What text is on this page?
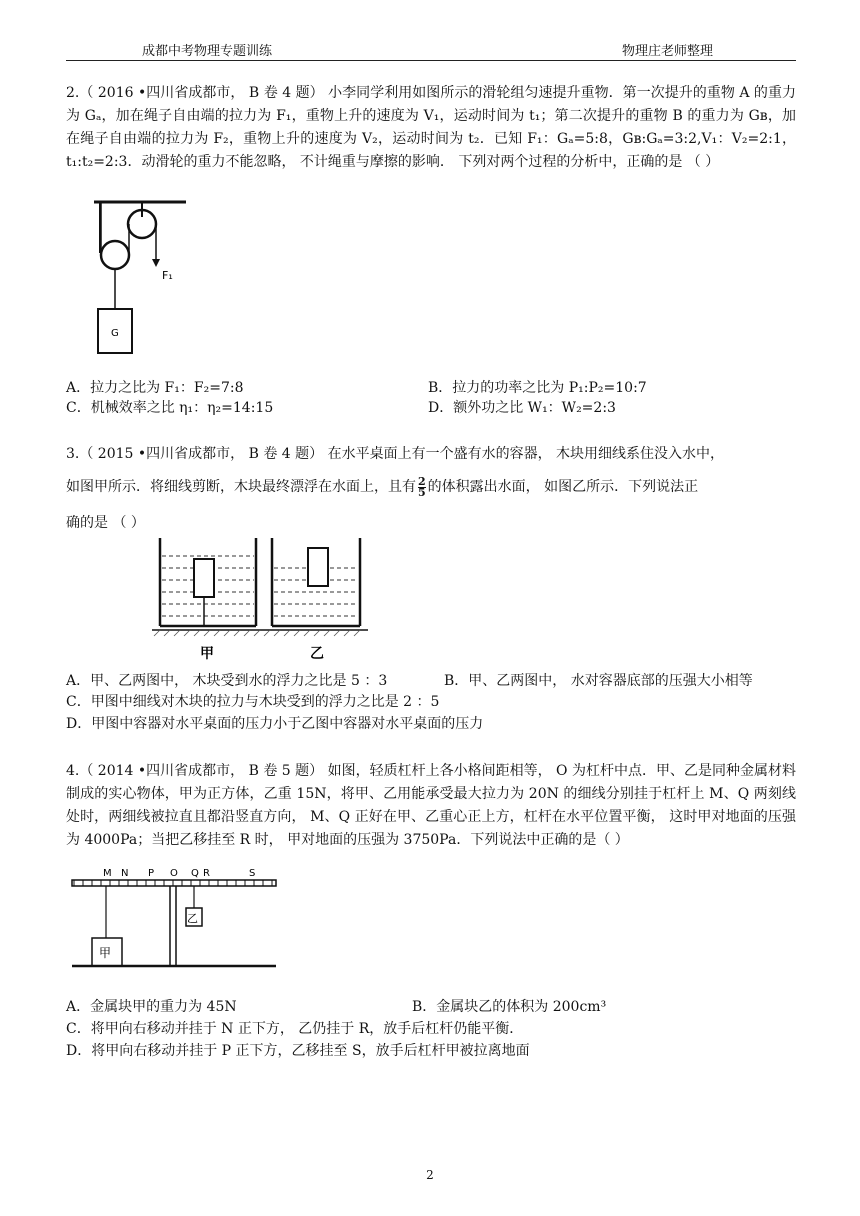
成都中考物理专题训练	物理庄老师整理
2.（ 2016 •四川省成都市， B 卷 4 题） 小李同学利用如图所示的滑轮组匀速提升重物．第一次提升的重物 A 的重力为 Gₐ，加在绳子自由端的拉力为 F₁，重物上升的速度为 V₁，运动时间为 t₁；第二次提升的重物 B 的重力为 Gʙ，加在绳子自由端的拉力为 F₂，重物上升的速度为 V₂，运动时间为 t₂．已知 F₁：Gₐ=5:8，Gʙ:Gₐ=3:2,V₁：V₂=2:1，t₁:t₂=2:3．动滑轮的重力不能忽略， 不计绳重与摩擦的影响． 下列对两个过程的分析中，正确的是 （ ）
F₁
G
A．拉力之比为 F₁：F₂=7:8	B．拉力的功率之比为 P₁:P₂=10:7
C．机械效率之比 η₁：η₂=14:15	D．额外功之比 W₁：W₂=2:3
3.（ 2015 •四川省成都市， B 卷 4 题） 在水平桌面上有一个盛有水的容器， 木块用细线系住没入水中，
如图甲所示．将细线剪断，木块最终漂浮在水面上，且有 $\frac{2}{5}$ 的体积露出水面， 如图乙所示．下列说法正
确的是 （ ）
甲	乙
A．甲、乙两图中， 木块受到水的浮力之比是 5 ：3	B．甲、乙两图中， 水对容器底部的压强大小相等
C．甲图中细线对木块的拉力与木块受到的浮力之比是 2 ：5
D．甲图中容器对水平桌面的压力小于乙图中容器对水平桌面的压力
4.（ 2014 •四川省成都市， B 卷 5 题） 如图，轻质杠杆上各小格间距相等， O 为杠杆中点．甲、乙是同种金属材料制成的实心物体，甲为正方体，乙重 15N，将甲、乙用能承受最大拉力为 20N 的细线分别挂于杠杆上 M、Q 两刻线处时，两细线被拉直且都沿竖直方向， M、Q 正好在甲、乙重心正上方，杠杆在水平位置平衡， 这时甲对地面的压强为 4000Pa；当把乙移挂至 R 时， 甲对地面的压强为 3750Pa．下列说法中正确的是（ ）
M N P O Q R	S
甲
乙
A．金属块甲的重力为 45N	B．金属块乙的体积为 200cm³
C．将甲向右移动并挂于 N 正下方， 乙仍挂于 R，放手后杠杆仍能平衡．
D．将甲向右移动并挂于 P 正下方，乙移挂至 S，放手后杠杆甲被拉离地面
2
